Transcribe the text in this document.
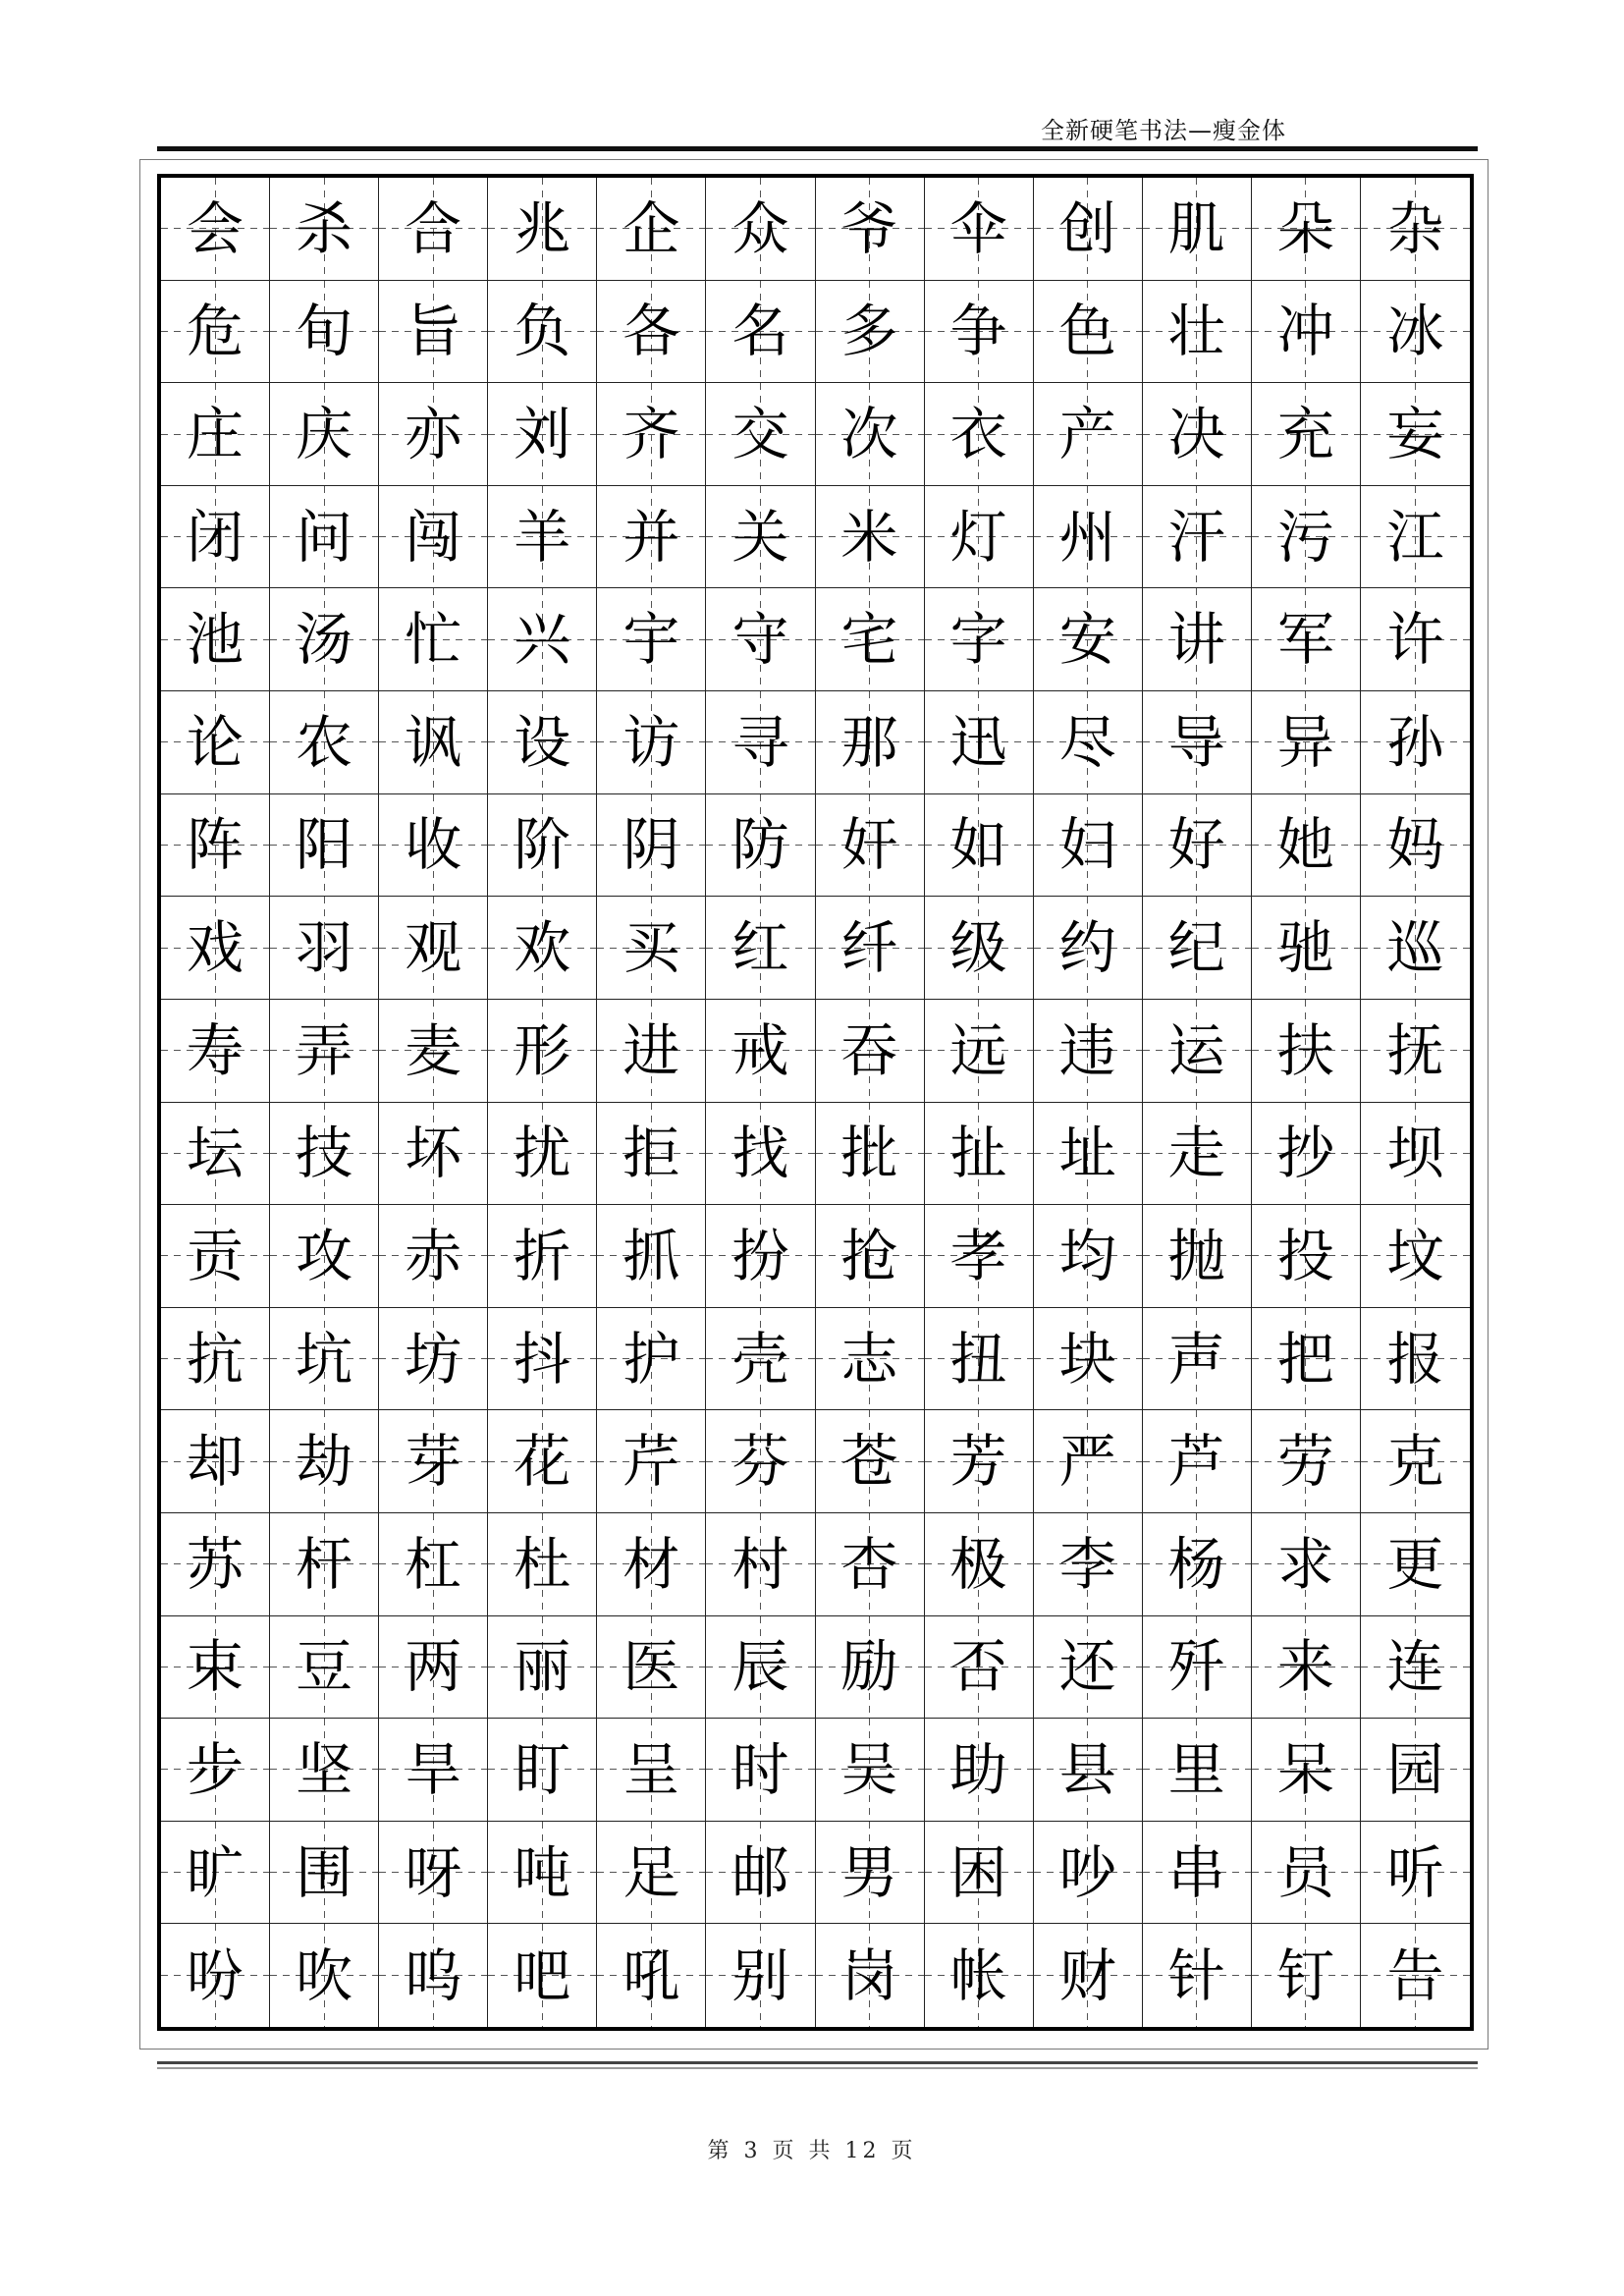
全新硬笔书法—瘦金体
会 杀 合 兆 企 众 爷 伞 创 肌 朵 杂
危 旬 旨 负 各 名 多 争 色 壮 冲 冰
庄 庆 亦 刘 齐 交 次 衣 产 决 充 妄
闭 问 闯 羊 并 关 米 灯 州 汗 污 江
池 汤 忙 兴 宇 守 宅 字 安 讲 军 许
论 农 讽 设 访 寻 那 迅 尽 导 异 孙
阵 阳 收 阶 阴 防 奸 如 妇 好 她 妈
戏 羽 观 欢 买 红 纤 级 约 纪 驰 巡
寿 弄 麦 形 进 戒 吞 远 违 运 扶 抚
坛 技 坏 扰 拒 找 批 扯 址 走 抄 坝
贡 攻 赤 折 抓 扮 抢 孝 均 抛 投 坟
抗 坑 坊 抖 护 壳 志 扭 块 声 把 报
却 劫 芽 花 芹 芬 苍 芳 严 芦 劳 克
苏 杆 杠 杜 材 村 杏 极 李 杨 求 更
束 豆 两 丽 医 辰 励 否 还 歼 来 连
步 坚 旱 盯 呈 时 吴 助 县 里 呆 园
旷 围 呀 吨 足 邮 男 困 吵 串 员 听
吩 吹 呜 吧 吼 别 岗 帐 财 针 钉 告
第 3 页 共 12 页
